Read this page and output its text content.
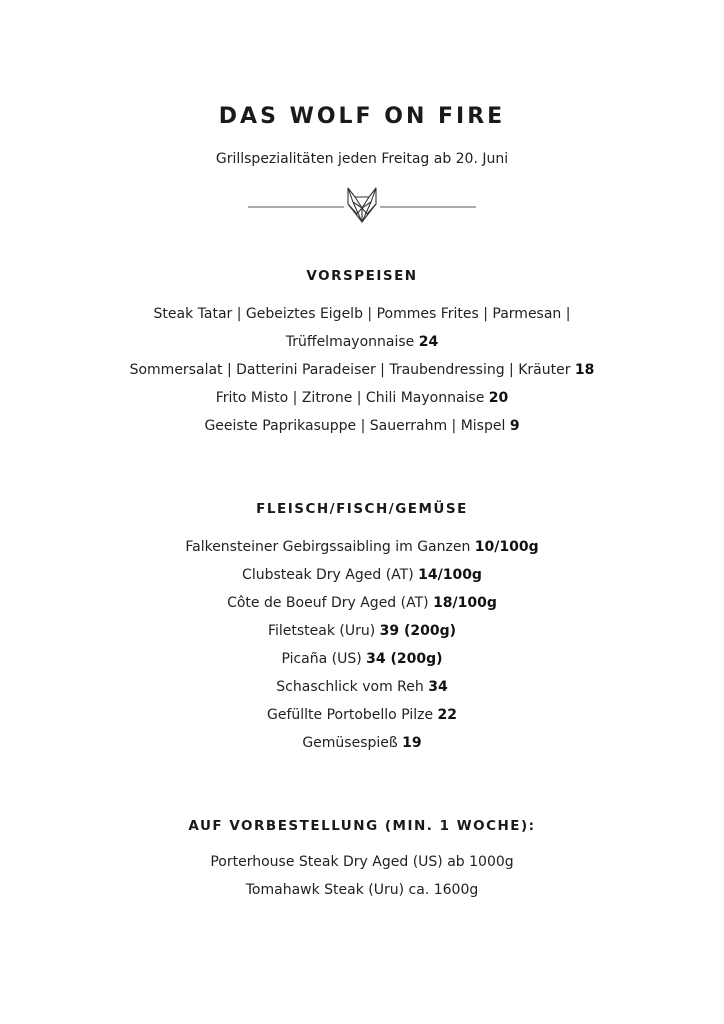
DAS WOLF ON FIRE
Grillspezialitäten jeden Freitag ab 20. Juni
VORSPEISEN
Steak Tatar | Gebeiztes Eigelb | Pommes Frites | Parmesan |
Trüffelmayonnaise 24
Sommersalat | Datterini Paradeiser | Traubendressing | Kräuter 18
Frito Misto | Zitrone | Chili Mayonnaise 20
Geeiste Paprikasuppe | Sauerrahm | Mispel 9
FLEISCH/FISCH/GEMÜSE
Falkensteiner Gebirgssaibling im Ganzen 10/100g
Clubsteak Dry Aged (AT) 14/100g
Côte de Boeuf Dry Aged (AT) 18/100g
Filetsteak (Uru) 39 (200g)
Picaña (US) 34 (200g)
Schaschlick vom Reh 34
Gefüllte Portobello Pilze 22
Gemüsespieß 19
AUF VORBESTELLUNG (MIN. 1 WOCHE):
Porterhouse Steak Dry Aged (US) ab 1000g
Tomahawk Steak (Uru) ca. 1600g
